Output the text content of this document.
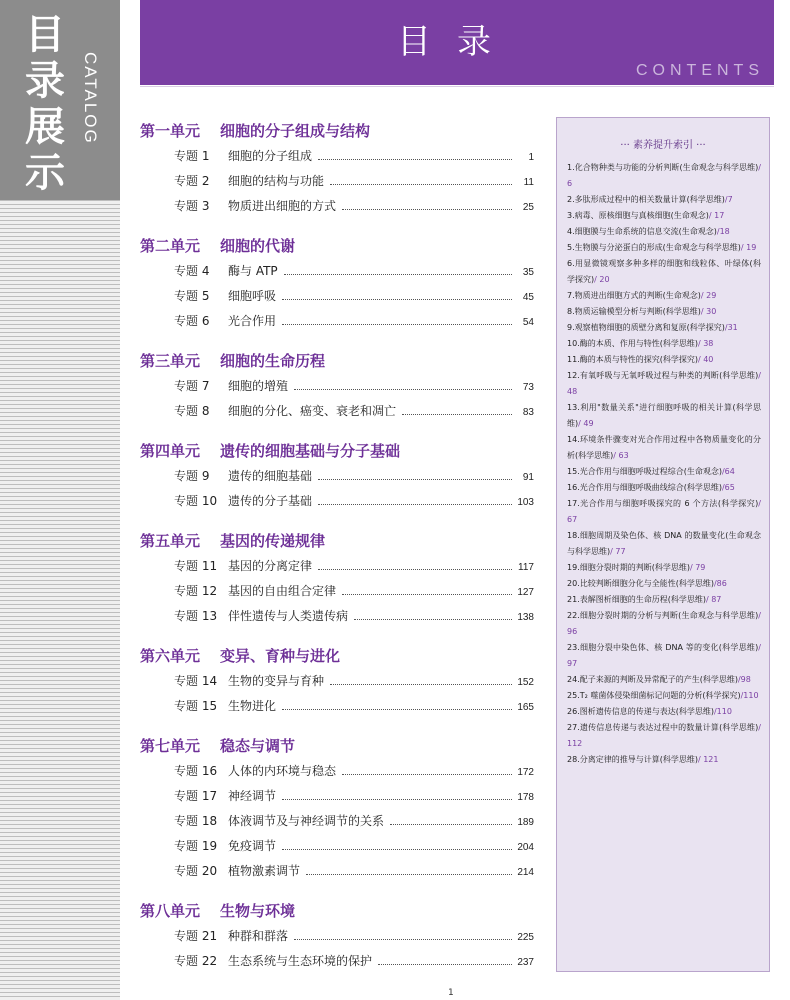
目
录
展
示
CATALOG
目录
CONTENTS
第一单元	细胞的分子组成与结构
专题 1	细胞的分子组成	1
专题 2	细胞的结构与功能	11
专题 3	物质进出细胞的方式	25
第二单元	细胞的代谢
专题 4	酶与 ATP	35
专题 5	细胞呼吸	45
专题 6	光合作用	54
第三单元	细胞的生命历程
专题 7	细胞的增殖	73
专题 8	细胞的分化、癌变、衰老和凋亡	83
第四单元	遗传的细胞基础与分子基础
专题 9	遗传的细胞基础	91
专题 10 遗传的分子基础	103
第五单元	基因的传递规律
专题 11 基因的分离定律	117
专题 12 基因的自由组合定律	127
专题 13 伴性遗传与人类遗传病	138
第六单元	变异、育种与进化
专题 14 生物的变异与育种	152
专题 15 生物进化	165
第七单元	稳态与调节
专题 16 人体的内环境与稳态	172
专题 17 神经调节	178
专题 18 体液调节及与神经调节的关系	189
专题 19 免疫调节	204
专题 20 植物激素调节	214
第八单元	生物与环境
专题 21 种群和群落	225
专题 22 生态系统与生态环境的保护	237
··· 素养提升索引 ···
1.化合物种类与功能的分析判断(生命观念与科学思维)/ 6
2.多肽形成过程中的相关数量计算(科学思维)/7
3.病毒、原核细胞与真核细胞(生命观念)/ 17
4.细胞膜与生命系统的信息交流(生命观念)/18
5.生物膜与分泌蛋白的形成(生命观念与科学思维)/ 19
6.用显微镜观察多种多样的细胞和线粒体、叶绿体(科学探究)/ 20
7.物质进出细胞方式的判断(生命观念)/ 29
8.物质运输模型分析与判断(科学思维)/ 30
9.观察植物细胞的质壁分离和复原(科学探究)/31
10.酶的本质、作用与特性(科学思维)/ 38
11.酶的本质与特性的探究(科学探究)/ 40
12.有氧呼吸与无氧呼吸过程与种类的判断(科学思维)/ 48
13.利用"数量关系"进行细胞呼吸的相关计算(科学思维)/ 49
14.环境条件骤变对光合作用过程中各物质量变化的分析(科学思维)/ 63
15.光合作用与细胞呼吸过程综合(生命观念)/64
16.光合作用与细胞呼吸曲线综合(科学思维)/65
17.光合作用与细胞呼吸探究的 6 个方法(科学探究)/ 67
18.细胞周期及染色体、核 DNA 的数量变化(生命观念与科学思维)/ 77
19.细胞分裂时期的判断(科学思维)/ 79
20.比较判断细胞分化与全能性(科学思维)/86
21.表解图析细胞的生命历程(科学思维)/ 87
22.细胞分裂时期的分析与判断(生命观念与科学思维)/ 96
23.细胞分裂中染色体、核 DNA 等的变化(科学思维)/ 97
24.配子来源的判断及异常配子的产生(科学思维)/98
25.T₂ 噬菌体侵染细菌标记问题的分析(科学探究)/110
26.图析遗传信息的传递与表达(科学思维)/110
27.遗传信息传递与表达过程中的数量计算(科学思维)/ 112
28.分离定律的推导与计算(科学思维)/ 121
1
